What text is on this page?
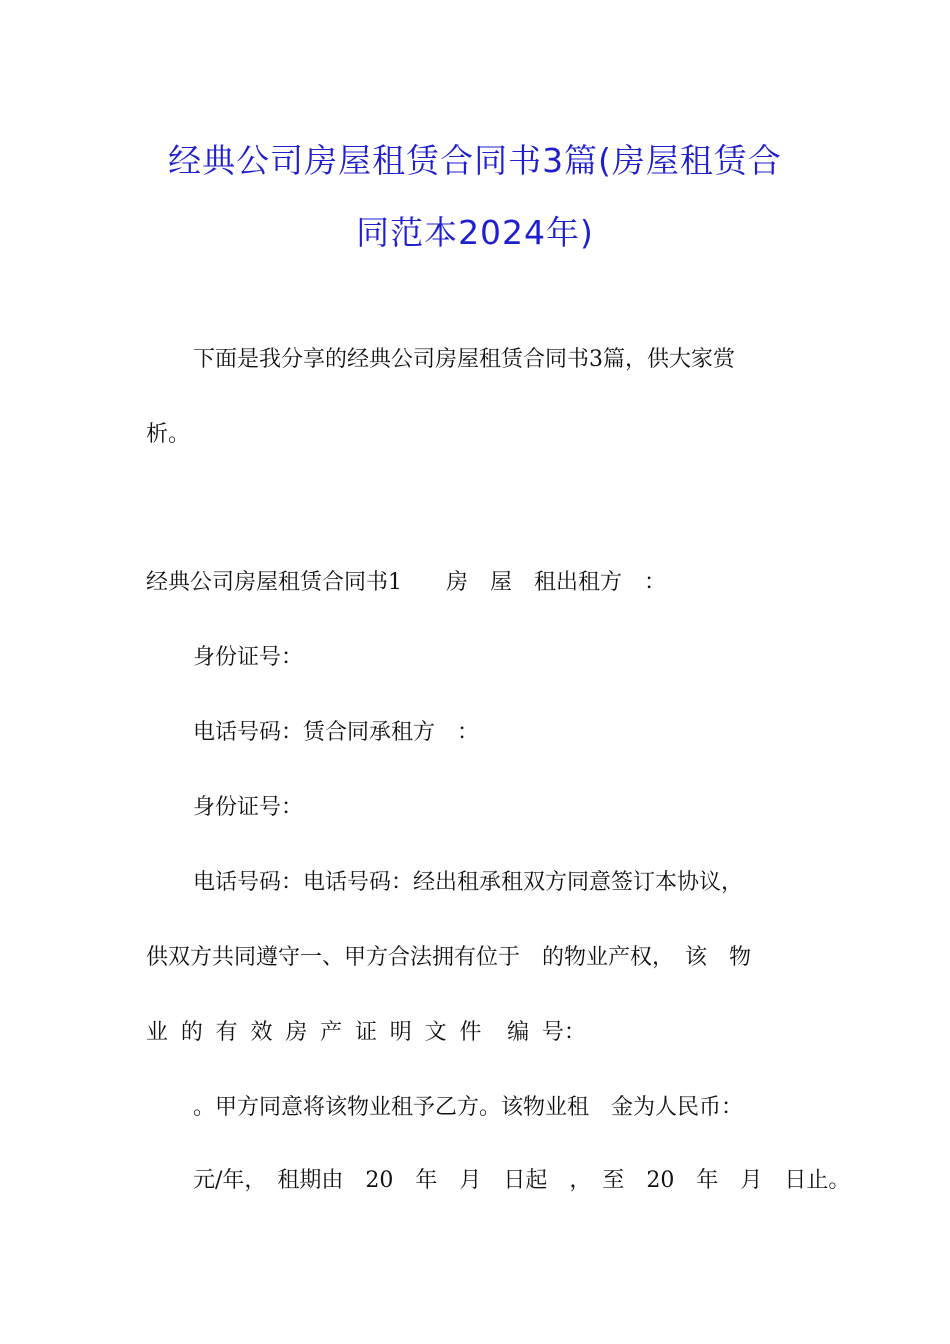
经典公司房屋租赁合同书3篇(房屋租赁合
同范本2024年)
下面是我分享的经典公司房屋租赁合同书3篇，供大家赏
析。
经典公司房屋租赁合同书1　　房　屋　租出租方　：
身份证号：
电话号码：赁合同承租方　：
身份证号：
电话号码：电话号码：经出租承租双方同意签订本协议，
供双方共同遵守一、甲方合法拥有位于　的物业产权，　该　物
业 的 有 效 房 产 证 明 文 件 编 号：
。甲方同意将该物业租予乙方。该物业租　金为人民币：
元/年，　租期由　20　年　月　日起　，　至　20　年　月　日止。
